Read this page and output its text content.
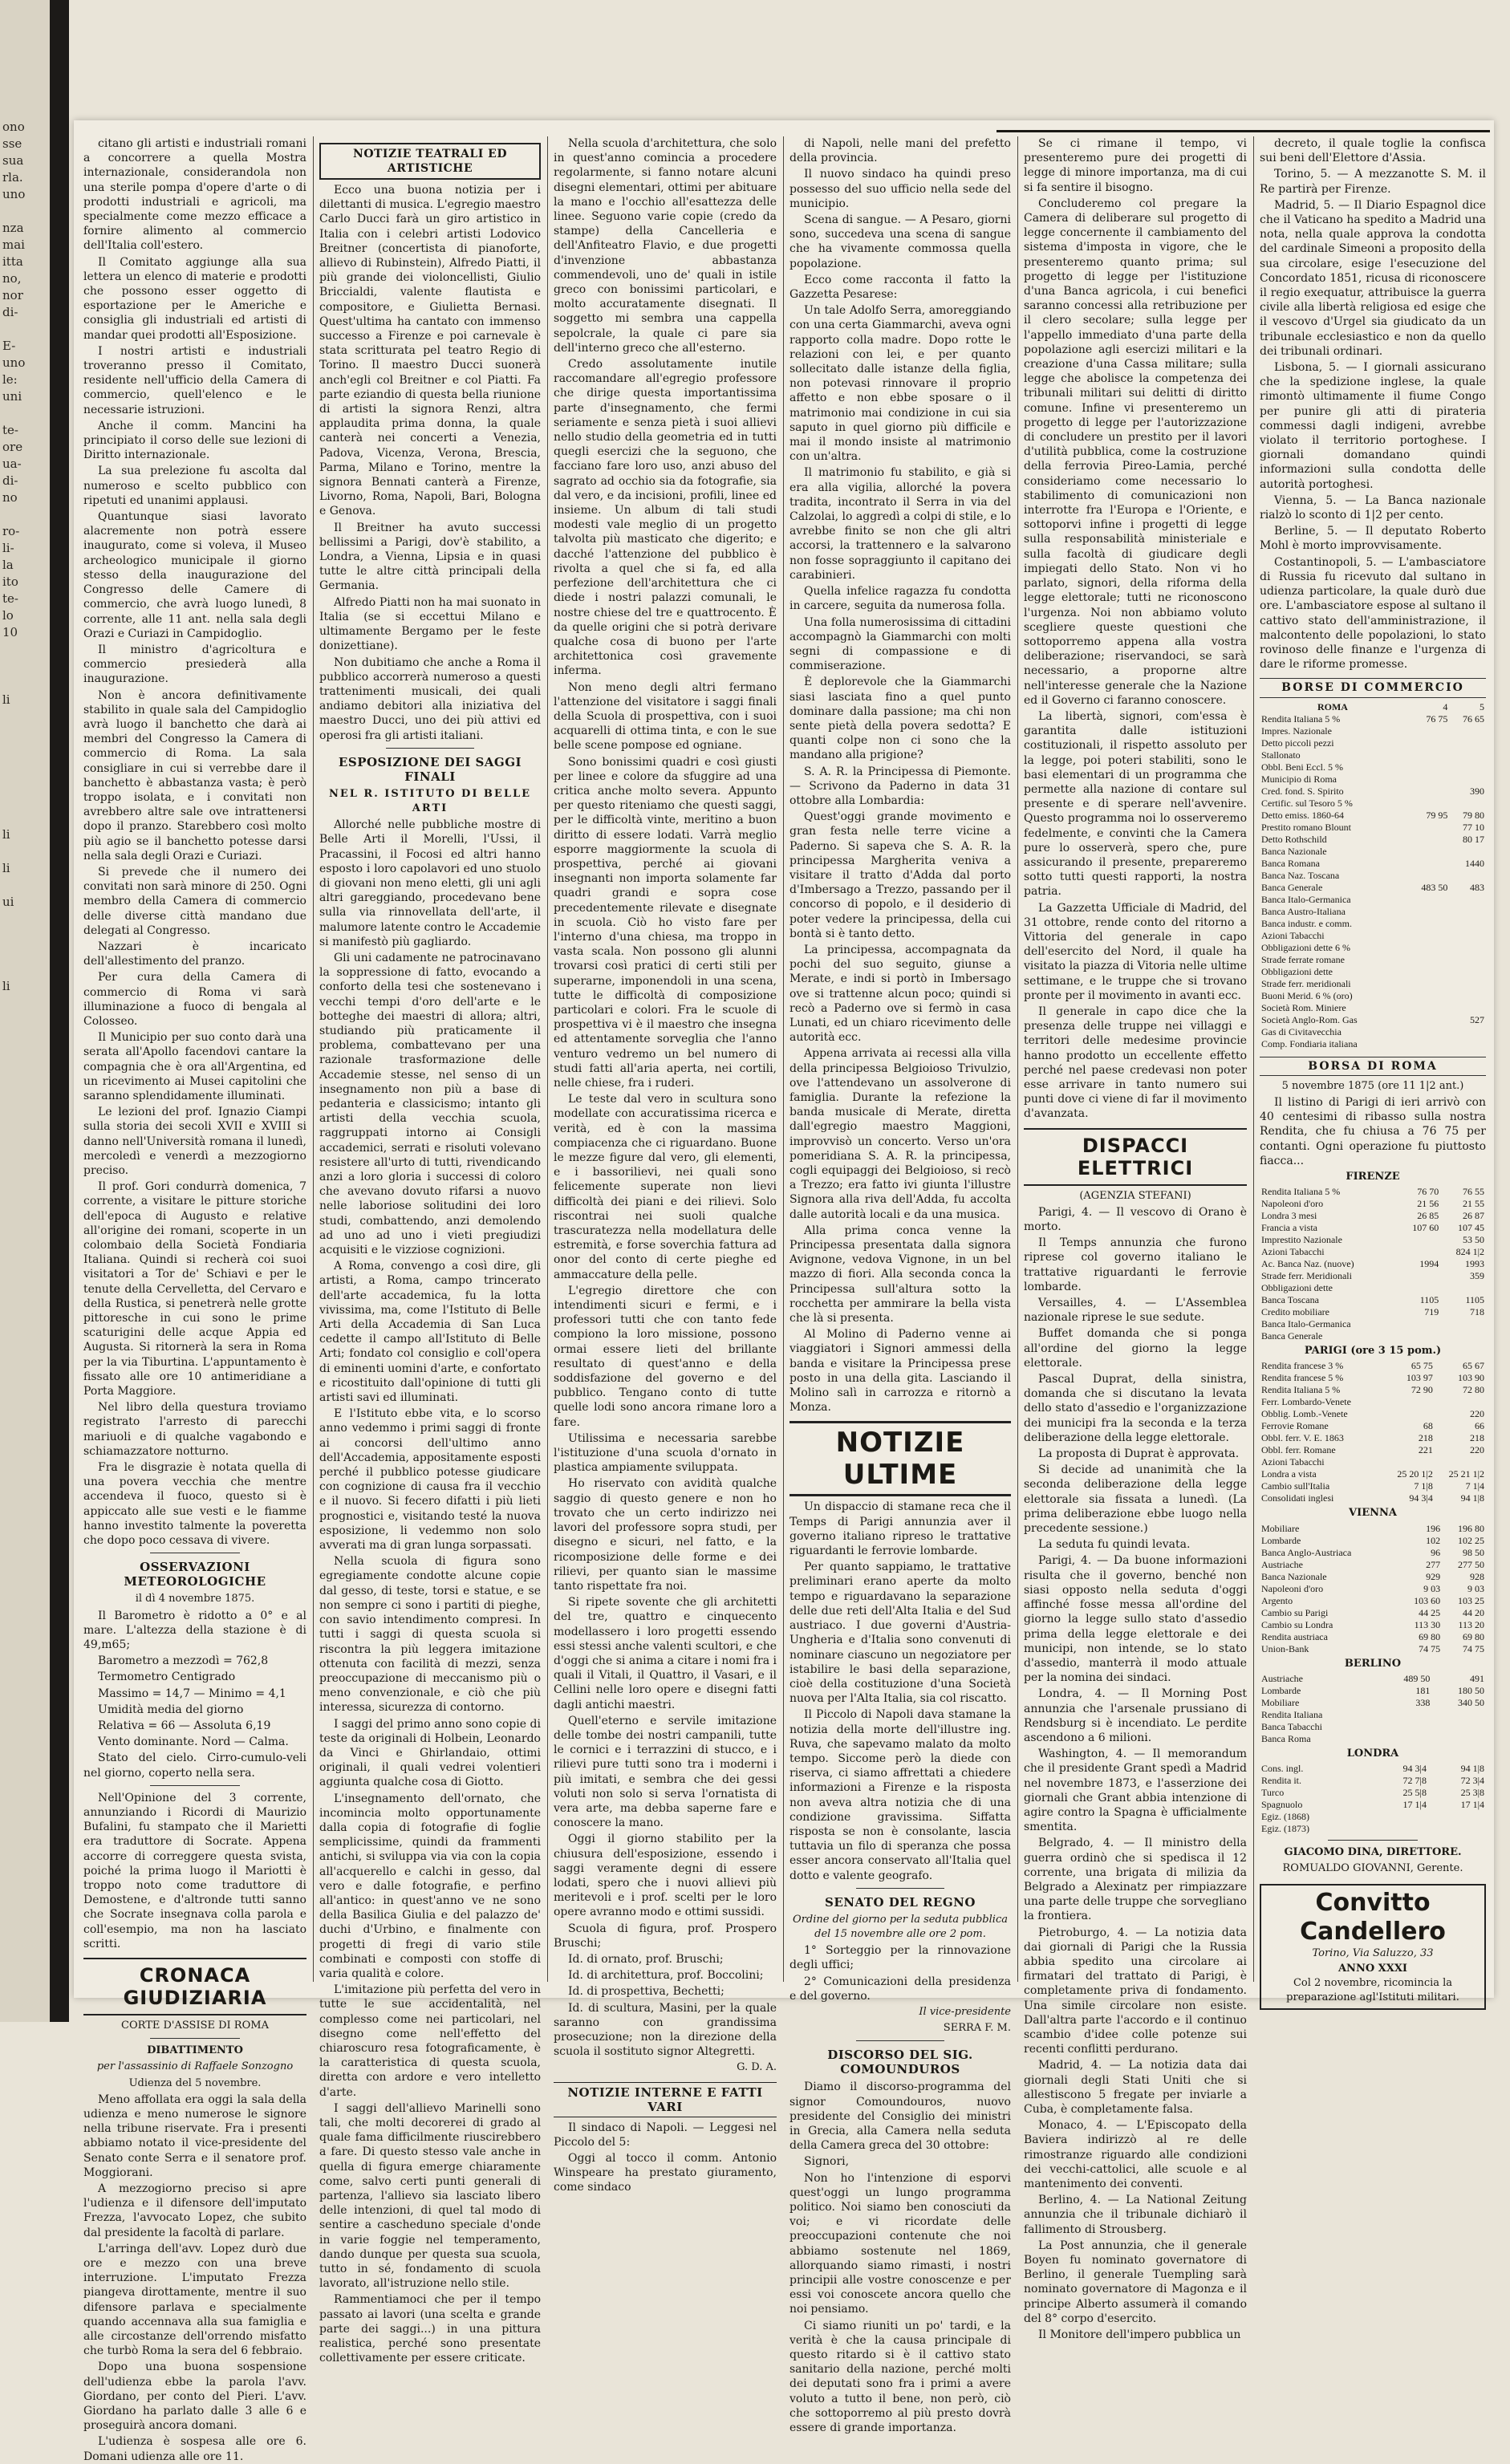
ono
sse
sua
rla.
uno
nza
mai
itta
no,
nor
di-
E-
uno
le:
uni
te-
ore
ua-
di-
no
ro-
li-
la
ito
te-
lo
10
li
li
li
ui
li

citano gli artisti e industriali romani a concorrere a quella Mostra internazionale, considerandola non una sterile pompa d'opere d'arte o di prodotti industriali e agricoli, ma specialmente come mezzo efficace a fornire alimento al commercio dell'Italia coll'estero.

Il Comitato aggiunge alla sua lettera un elenco di materie e prodotti che possono esser oggetto di esportazione per le Americhe e consiglia gli industriali ed artisti di mandar quei prodotti all'Esposizione.

I nostri artisti e industriali troveranno presso il Comitato, residente nell'ufficio della Camera di commercio, quell'elenco e le necessarie istruzioni.

Anche il comm. Mancini ha principiato il corso delle sue lezioni di Diritto internazionale.

La sua prelezione fu ascolta dal numeroso e scelto pubblico con ripetuti ed unanimi applausi.

Quantunque siasi lavorato alacremente non potrà essere inaugurato, come si voleva, il Museo archeologico municipale il giorno stesso della inaugurazione del Congresso delle Camere di commercio, che avrà luogo lunedì, 8 corrente, alle 11 ant. nella sala degli Orazi e Curiazi in Campidoglio.

Il ministro d'agricoltura e commercio presiederà alla inaugurazione.

Non è ancora definitivamente stabilito in quale sala del Campidoglio avrà luogo il banchetto che darà ai membri del Congresso la Camera di commercio di Roma. La sala consigliare in cui si verrebbe dare il banchetto è abbastanza vasta; è però troppo isolata, e i convitati non avrebbero altre sale ove intrattenersi dopo il pranzo. Starebbero così molto più agio se il banchetto potesse darsi nella sala degli Orazi e Curiazi.

Si prevede che il numero dei convitati non sarà minore di 250. Ogni membro della Camera di commercio delle diverse città mandano due delegati al Congresso.

Nazzari è incaricato dell'allestimento del pranzo.

Per cura della Camera di commercio di Roma vi sarà illuminazione a fuoco di bengala al Colosseo.

Il Municipio per suo conto darà una serata all'Apollo facendovi cantare la compagnia che è ora all'Argentina, ed un ricevimento ai Musei capitolini che saranno splendidamente illuminati.

Le lezioni del prof. Ignazio Ciampi sulla storia dei secoli XVII e XVIII si danno nell'Università romana il lunedì, mercoledì e venerdì a mezzogiorno preciso.

Il prof. Gori condurrà domenica, 7 corrente, a visitare le pitture storiche dell'epoca di Augusto e relative all'origine dei romani, scoperte in un colombaio della Società Fondiaria Italiana. Quindi si recherà coi suoi visitatori a Tor de' Schiavi e per le tenute della Cervelletta, del Cervaro e della Rustica, si penetrerà nelle grotte pittoresche in cui sono le prime scaturigini delle acque Appia ed Augusta. Si ritornerà la sera in Roma per la via Tiburtina. L'appuntamento è fissato alle ore 10 antimeridiane a Porta Maggiore.

Nel libro della questura troviamo registrato l'arresto di parecchi mariuoli e di qualche vagabondo e schiamazzatore notturno.

Fra le disgrazie è notata quella di una povera vecchia che mentre accendeva il fuoco, questo si è appiccato alle sue vesti e le fiamme hanno investito talmente la poveretta che dopo poco cessava di vivere.

OSSERVAZIONI METEOROLOGICHE
il dì 4 novembre 1875.

Il Barometro è ridotto a 0° e al mare. L'altezza della stazione è di 49,m65;

Barometro a mezzodì = 762,8

Termometro Centigrado

Massimo = 14,7 — Minimo = 4,1

Umidità media del giorno

Relativa = 66 — Assoluta 6,19

Vento dominante. Nord — Calma.

Stato del cielo. Cirro-cumulo-veli nel giorno, coperto nella sera.

Nell'Opinione del 3 corrente, annunziando i Ricordi di Maurizio Bufalini, fu stampato che il Marietti era traduttore di Socrate. Appena accorre di correggere questa svista, poiché la prima luogo il Mariotti è troppo noto come traduttore di Demostene, e d'altronde tutti sanno che Socrate insegnava colla parola e coll'esempio, ma non ha lasciato scritti.

CRONACA GIUDIZIARIA
CORTE D'ASSISE DI ROMA
DIBATTIMENTO
per l'assassinio di Raffaele Sonzogno
Udienza del 5 novembre.

Meno affollata era oggi la sala della udienza e meno numerose le signore nella tribune riservate. Fra i presenti abbiamo notato il vice-presidente del Senato conte Serra e il senatore prof. Moggiorani.

A mezzogiorno preciso si apre l'udienza e il difensore dell'imputato Frezza, l'avvocato Lopez, che subito dal presidente la facoltà di parlare.

L'arringa dell'avv. Lopez durò due ore e mezzo con una breve interruzione. L'imputato Frezza piangeva dirottamente, mentre il suo difensore parlava e specialmente quando accennava alla sua famiglia e alle circostanze dell'orrendo misfatto che turbò Roma la sera del 6 febbraio.

Dopo una buona sospensione dell'udienza ebbe la parola l'avv. Giordano, per conto del Pieri. L'avv. Giordano ha parlato dalle 3 alle 6 e proseguirà ancora domani.

L'udienza è sospesa alle ore 6. Domani udienza alle ore 11.

NOTIZIE TEATRALI ED ARTISTICHE

Ecco una buona notizia per i dilettanti di musica. L'egregio maestro Carlo Ducci farà un giro artistico in Italia con i celebri artisti Lodovico Breitner (concertista di pianoforte, allievo di Rubinstein), Alfredo Piatti, il più grande dei violoncellisti, Giulio Briccialdi, valente flautista e compositore, e Giulietta Bernasi. Quest'ultima ha cantato con immenso successo a Firenze e poi carnevale è stata scritturata pel teatro Regio di Torino. Il maestro Ducci suonerà anch'egli col Breitner e col Piatti. Fa parte eziandio di questa bella riunione di artisti la signora Renzi, altra applaudita prima donna, la quale canterà nei concerti a Venezia, Padova, Vicenza, Verona, Brescia, Parma, Milano e Torino, mentre la signora Bennati canterà a Firenze, Livorno, Roma, Napoli, Bari, Bologna e Genova.

Il Breitner ha avuto successi bellissimi a Parigi, dov'è stabilito, a Londra, a Vienna, Lipsia e in quasi tutte le altre città principali della Germania.

Alfredo Piatti non ha mai suonato in Italia (se si eccettui Milano e ultimamente Bergamo per le feste donizettiane).

Non dubitiamo che anche a Roma il pubblico accorrerà numeroso a questi trattenimenti musicali, dei quali andiamo debitori alla iniziativa del maestro Ducci, uno dei più attivi ed operosi fra gli artisti italiani.

ESPOSIZIONE DEI SAGGI FINALI
NEL R. ISTITUTO DI BELLE ARTI

Allorché nelle pubbliche mostre di Belle Arti il Morelli, l'Ussi, il Pracassini, il Focosi ed altri hanno esposto i loro capolavori ed uno stuolo di giovani non meno eletti, gli uni agli altri gareggiando, procedevano bene sulla via rinnovellata dell'arte, il malumore latente contro le Accademie si manifestò più gagliardo.

Gli uni cadamente ne patrocinavano la soppressione di fatto, evocando a conforto della tesi che sostenevano i vecchi tempi d'oro dell'arte e le botteghe dei maestri di allora; altri, studiando più praticamente il problema, combattevano per una razionale trasformazione delle Accademie stesse, nel senso di un insegnamento non più a base di pedanteria e classicismo; intanto gli artisti della vecchia scuola, raggruppati intorno ai Consigli accademici, serrati e risoluti volevano resistere all'urto di tutti, rivendicando anzi a loro gloria i successi di coloro che avevano dovuto rifarsi a nuovo nelle laboriose solitudini dei loro studi, combattendo, anzi demolendo ad uno ad uno i vieti pregiudizi acquisiti e le vizziose cognizioni.

A Roma, convengo a così dire, gli artisti, a Roma, campo trincerato dell'arte accademica, fu la lotta vivissima, ma, come l'Istituto di Belle Arti della Accademia di San Luca cedette il campo all'Istituto di Belle Arti; fondato col consiglio e coll'opera di eminenti uomini d'arte, e confortato e ricostituito dall'opinione di tutti gli artisti savi ed illuminati.

E l'Istituto ebbe vita, e lo scorso anno vedemmo i primi saggi di fronte ai concorsi dell'ultimo anno dell'Accademia, appositamente esposti perché il pubblico potesse giudicare con cognizione di causa fra il vecchio e il nuovo. Si fecero difatti i più lieti prognostici e, visitando testé la nuova esposizione, li vedemmo non solo avverati ma di gran lunga sorpassati.

Nella scuola di figura sono egregiamente condotte alcune copie dal gesso, di teste, torsi e statue, e se non sempre ci sono i partiti di pieghe, con savio intendimento compresi. In tutti i saggi di questa scuola si riscontra la più leggera imitazione ottenuta con facilità di mezzi, senza preoccupazione di meccanismo più o meno convenzionale, e ciò che più interessa, sicurezza di contorno.

I saggi del primo anno sono copie di teste da originali di Holbein, Leonardo da Vinci e Ghirlandaio, ottimi originali, il quali vedrei volentieri aggiunta qualche cosa di Giotto.

L'insegnamento dell'ornato, che incomincia molto opportunamente dalla copia di fotografie di foglie semplicissime, quindi da frammenti antichi, si sviluppa via via con la copia all'acquerello e calchi in gesso, dal vero e dalle fotografie, e perfino all'antico: in quest'anno ve ne sono della Basilica Giulia e del palazzo de' duchi d'Urbino, e finalmente con progetti di fregi di vario stile combinati e composti con stoffe di varia qualità e colore.

L'imitazione più perfetta del vero in tutte le sue accidentalità, nel complesso come nei particolari, nel disegno come nell'effetto del chiaroscuro resa fotograficamente, è la caratteristica di questa scuola, diretta con ardore e vero intelletto d'arte.

I saggi dell'allievo Marinelli sono tali, che molti decorerei di grado al quale fama difficilmente riuscirebbero a fare. Di questo stesso vale anche in quella di figura emerge chiaramente come, salvo certi punti generali di partenza, l'allievo sia lasciato libero delle intenzioni, di quel tal modo di sentire a cascheduno speciale d'onde in varie foggie nel temperamento, dando dunque per questa sua scuola, tutto in sé, fondamento di scuola lavorato, all'istruzione nello stile.

Rammentiamoci che per il tempo passato ai lavori (una scelta e grande parte dei saggi...) in una pittura realistica, perché sono presentate collettivamente per essere criticate.

Nella scuola d'architettura, che solo in quest'anno comincia a procedere regolarmente, si fanno notare alcuni disegni elementari, ottimi per abituare la mano e l'occhio all'esattezza delle linee. Seguono varie copie (credo da stampe) della Cancelleria e dell'Anfiteatro Flavio, e due progetti d'invenzione abbastanza commendevoli, uno de' quali in istile greco con bonissimi particolari, e molto accuratamente disegnati. Il soggetto mi sembra una cappella sepolcrale, la quale ci pare sia dell'interno greco che all'esterno.

Credo assolutamente inutile raccomandare all'egregio professore che dirige questa importantissima parte d'insegnamento, che fermi seriamente e senza pietà i suoi allievi nello studio della geometria ed in tutti quegli esercizi che la seguono, che facciano fare loro uso, anzi abuso del sagrato ad occhio sia da fotografie, sia dal vero, e da incisioni, profili, linee ed insieme. Un album di tali studi modesti vale meglio di un progetto talvolta più masticato che digerito; e dacché l'attenzione del pubblico è rivolta a quel che si fa, ed alla perfezione dell'architettura che ci diede i nostri palazzi comunali, le nostre chiese del tre e quattrocento. È da quelle origini che si potrà derivare qualche cosa di buono per l'arte architettonica così gravemente inferma.

Non meno degli altri fermano l'attenzione del visitatore i saggi finali della Scuola di prospettiva, con i suoi acquarelli di ottima tinta, e con le sue belle scene pompose ed ogniane.

Sono bonissimi quadri e così giusti per linee e colore da sfuggire ad una critica anche molto severa. Appunto per questo riteniamo che questi saggi, per le difficoltà vinte, meritino a buon diritto di essere lodati. Varrà meglio esporre maggiormente la scuola di prospettiva, perché ai giovani insegnanti non importa solamente far quadri grandi e sopra cose precedentemente rilevate e disegnate in scuola. Ciò ho visto fare per l'interno d'una chiesa, ma troppo in vasta scala. Non possono gli alunni trovarsi così pratici di certi stili per superarne, imponendoli in una scena, tutte le difficoltà di composizione particolari e colori. Fra le scuole di prospettiva vi è il maestro che insegna ed attentamente sorveglia che l'anno venturo vedremo un bel numero di studi fatti all'aria aperta, nei cortili, nelle chiese, fra i ruderi.

Le teste dal vero in scultura sono modellate con accuratissima ricerca e verità, ed è con la massima compiacenza che ci riguardano. Buone le mezze figure dal vero, gli elementi, e i bassorilievi, nei quali sono felicemente superate non lievi difficoltà dei piani e dei rilievi. Solo riscontrai nei suoli qualche trascuratezza nella modellatura delle estremità, e forse soverchia fattura ad onor del conto di certe pieghe ed ammaccature della pelle.

L'egregio direttore che con intendimenti sicuri e fermi, e i professori tutti che con tanto fede compiono la loro missione, possono ormai essere lieti del brillante resultato di quest'anno e della soddisfazione del governo e del pubblico. Tengano conto di tutte quelle lodi sono ancora rimane loro a fare.

Utilissima e necessaria sarebbe l'istituzione d'una scuola d'ornato in plastica ampiamente sviluppata.

Ho riservato con avidità qualche saggio di questo genere e non ho trovato che un certo indirizzo nei lavori del professore sopra studi, per disegno e sicuri, nel fatto, e la ricomposizione delle forme e dei rilievi, per quanto sian le massime tanto rispettate fra noi.

Si ripete sovente che gli architetti del tre, quattro e cinquecento modellassero i loro progetti essendo essi stessi anche valenti scultori, e che d'oggi che si anima a citare i nomi fra i quali il Vitali, il Quattro, il Vasari, e il Cellini nelle loro opere e disegni fatti dagli antichi maestri.

Quell'eterno e servile imitazione delle tombe dei nostri campanili, tutte le cornici e i terrazzini di stucco, e i rilievi pure tutti sono tra i moderni i più imitati, e sembra che dei gessi voluti non solo si serva l'ornatista di vera arte, ma debba saperne fare e conoscere la mano.

Oggi il giorno stabilito per la chiusura dell'esposizione, essendo i saggi veramente degni di essere lodati, spero che i nuovi allievi più meritevoli e i prof. scelti per le loro opere avranno modo e ottimi sussidi.

Scuola di figura, prof. Prospero Bruschi;

Id. di ornato, prof. Bruschi;

Id. di architettura, prof. Boccolini;

Id. di prospettiva, Bechetti;

Id. di scultura, Masini, per la quale saranno con grandissima prosecuzione; non la direzione della scuola il sostituto signor Altegretti.

G. D. A.
NOTIZIE INTERNE E FATTI VARI

Il sindaco di Napoli. — Leggesi nel Piccolo del 5:

Oggi al tocco il comm. Antonio Winspeare ha prestato giuramento, come sindaco

di Napoli, nelle mani del prefetto della provincia.

Il nuovo sindaco ha quindi preso possesso del suo ufficio nella sede del municipio.

Scena di sangue. — A Pesaro, giorni sono, succedeva una scena di sangue che ha vivamente commossa quella popolazione.

Ecco come racconta il fatto la Gazzetta Pesarese:

Un tale Adolfo Serra, amoreggiando con una certa Giammarchi, aveva ogni rapporto colla madre. Dopo rotte le relazioni con lei, e per quanto sollecitato dalle istanze della figlia, non potevasi rinnovare il proprio affetto e non ebbe sposare o il matrimonio mai condizione in cui sia saputo in quel giorno più difficile e mai il mondo insiste al matrimonio con un'altra.

Il matrimonio fu stabilito, e già si era alla vigilia, allorché la povera tradita, incontrato il Serra in via del Calzolai, lo aggredì a colpi di stile, e lo avrebbe finito se non che gli altri accorsi, la trattennero e la salvarono non fosse sopraggiunto il capitano dei carabinieri.

Quella infelice ragazza fu condotta in carcere, seguita da numerosa folla.

Una folla numerosissima di cittadini accompagnò la Giammarchi con molti segni di compassione e di commiserazione.

È deplorevole che la Giammarchi siasi lasciata fino a quel punto dominare dalla passione; ma chi non sente pietà della povera sedotta? E quanti colpe non ci sono che la mandano alla prigione?

S. A. R. la Principessa di Piemonte. — Scrivono da Paderno in data 31 ottobre alla Lombardia:

Quest'oggi grande movimento e gran festa nelle terre vicine a Paderno. Si sapeva che S. A. R. la principessa Margherita veniva a visitare il tratto d'Adda dal porto d'Imbersago a Trezzo, passando per il concorso di popolo, e il desiderio di poter vedere la principessa, della cui bontà si è tanto detto.

La principessa, accompagnata da pochi del suo seguito, giunse a Merate, e indi si portò in Imbersago ove si trattenne alcun poco; quindi si recò a Paderno ove si fermò in casa Lunati, ed un chiaro ricevimento delle autorità ecc.

Appena arrivata ai recessi alla villa della principessa Belgioioso Trivulzio, ove l'attendevano un assolverone di famiglia. Durante la refezione la banda musicale di Merate, diretta dall'egregio maestro Maggioni, improvvisò un concerto. Verso un'ora pomeridiana S. A. R. la principessa, cogli equipaggi dei Belgioioso, si recò a Trezzo; era fatto ivi giunta l'illustre Signora alla riva dell'Adda, fu accolta dalle autorità locali e da una musica.

Alla prima conca venne la Principessa presentata dalla signora Avignone, vedova Vignone, in un bel mazzo di fiori. Alla seconda conca la Principessa sull'altura sotto la rocchetta per ammirare la bella vista che là si presenta.

Al Molino di Paderno venne ai viaggiatori i Signori ammessi della banda e visitare la Principessa prese posto in una della gita. Lasciando il Molino salì in carrozza e ritornò a Monza.

NOTIZIE ULTIME

Un dispaccio di stamane reca che il Temps di Parigi annunzia aver il governo italiano ripreso le trattative riguardanti le ferrovie lombarde.

Per quanto sappiamo, le trattative preliminari erano aperte da molto tempo e riguardavano la separazione delle due reti dell'Alta Italia e del Sud austriaco. I due governi d'Austria-Ungheria e d'Italia sono convenuti di nominare ciascuno un negoziatore per istabilire le basi della separazione, cioè della costituzione d'una Società nuova per l'Alta Italia, sia col riscatto.

Il Piccolo di Napoli dava stamane la notizia della morte dell'illustre ing. Ruva, che sapevamo malato da molto tempo. Siccome però la diede con riserva, ci siamo affrettati a chiedere informazioni a Firenze e la risposta non aveva altra notizia che di una condizione gravissima. Siffatta risposta se non è consolante, lascia tuttavia un filo di speranza che possa esser ancora conservato all'Italia quel dotto e valente geografo.

SENATO DEL REGNO
Ordine del giorno per la seduta pubblica del 15 novembre alle ore 2 pom.

1° Sorteggio per la rinnovazione degli uffici;

2° Comunicazioni della presidenza e del governo.

Il vice-presidente
SERRA F. M.
DISCORSO DEL SIG. COMOUNDUROS

Diamo il discorso-programma del signor Comoundouros, nuovo presidente del Consiglio dei ministri in Grecia, alla Camera nella seduta della Camera greca del 30 ottobre:

Signori,

Non ho l'intenzione di esporvi quest'oggi un lungo programma politico. Noi siamo ben conosciuti da voi; e vi ricordate delle preoccupazioni contenute che noi abbiamo sostenute nel 1869, allorquando siamo rimasti, i nostri principii alle vostre conoscenze e per essi voi conoscete ancora quello che noi pensiamo.

Ci siamo riuniti un po' tardi, e la verità è che la causa principale di questo ritardo si è il cattivo stato sanitario della nazione, perché molti dei deputati sono fra i primi a avere voluto a tutto il bene, non però, ciò che sottoporremo al più presto dovrà essere di grande importanza.

Se ci rimane il tempo, vi presenteremo pure dei progetti di legge di minore importanza, ma di cui si fa sentire il bisogno.

Concluderemo col pregare la Camera di deliberare sul progetto di legge concernente il cambiamento del sistema d'imposta in vigore, che le presenteremo quanto prima; sul progetto di legge per l'istituzione d'una Banca agricola, i cui benefici saranno concessi alla retribuzione per il clero secolare; sulla legge per l'appello immediato d'una parte della popolazione agli esercizi militari e la creazione d'una Cassa militare; sulla legge che abolisce la competenza dei tribunali militari sui delitti di diritto comune. Infine vi presenteremo un progetto di legge per l'autorizzazione di concludere un prestito per il lavori d'utilità pubblica, come la costruzione della ferrovia Pireo-Lamia, perché consideriamo come necessario lo stabilimento di comunicazioni non interrotte fra l'Europa e l'Oriente, e sottoporvi infine i progetti di legge sulla responsabilità ministeriale e sulla facoltà di giudicare degli impiegati dello Stato. Non vi ho parlato, signori, della riforma della legge elettorale; tutti ne riconoscono l'urgenza. Noi non abbiamo voluto scegliere queste questioni che sottoporremo appena alla vostra deliberazione; riservandoci, se sarà necessario, a proporne altre nell'interesse generale che la Nazione ed il Governo ci faranno conoscere.

La libertà, signori, com'essa è garantita dalle istituzioni costituzionali, il rispetto assoluto per la legge, poi poteri stabiliti, sono le basi elementari di un programma che permette alla nazione di contare sul presente e di sperare nell'avvenire. Questo programma noi lo osserveremo fedelmente, e convinti che la Camera pure lo osserverà, spero che, pure assicurando il presente, prepareremo sotto tutti questi rapporti, la nostra patria.

La Gazzetta Ufficiale di Madrid, del 31 ottobre, rende conto del ritorno a Vittoria del generale in capo dell'esercito del Nord, il quale ha visitato la piazza di Vitoria nelle ultime settimane, e le truppe che si trovano pronte per il movimento in avanti ecc.

Il generale in capo dice che la presenza delle truppe nei villaggi e territori delle medesime provincie hanno prodotto un eccellente effetto perché nel paese credevasi non poter esse arrivare in tanto numero sui punti dove ci viene di far il movimento d'avanzata.

DISPACCI ELETTRICI
(AGENZIA STEFANI)

Parigi, 4. — Il vescovo di Orano è morto.

Il Temps annunzia che furono riprese col governo italiano le trattative riguardanti le ferrovie lombarde.

Versailles, 4. — L'Assemblea nazionale riprese le sue sedute.

Buffet domanda che si ponga all'ordine del giorno la legge elettorale.

Pascal Duprat, della sinistra, domanda che si discutano la levata dello stato d'assedio e l'organizzazione dei municipi fra la seconda e la terza deliberazione della legge elettorale.

La proposta di Duprat è approvata.

Si decide ad unanimità che la seconda deliberazione della legge elettorale sia fissata a lunedì. (La prima deliberazione ebbe luogo nella precedente sessione.)

La seduta fu quindi levata.

Parigi, 4. — Da buone informazioni risulta che il governo, benché non siasi opposto nella seduta d'oggi affinché fosse messa all'ordine del giorno la legge sullo stato d'assedio prima della legge elettorale e dei municipi, non intende, se lo stato d'assedio, manterrà il modo attuale per la nomina dei sindaci.

Londra, 4. — Il Morning Post annunzia che l'arsenale prussiano di Rendsburg si è incendiato. Le perdite ascendono a 6 milioni.

Washington, 4. — Il memorandum che il presidente Grant spedì a Madrid nel novembre 1873, e l'asserzione dei giornali che Grant abbia intenzione di agire contro la Spagna è ufficialmente smentita.

Belgrado, 4. — Il ministro della guerra ordinò che si spedisca il 12 corrente, una brigata di milizia da Belgrado a Alexinatz per rimpiazzare una parte delle truppe che sorvegliano la frontiera.

Pietroburgo, 4. — La notizia data dai giornali di Parigi che la Russia abbia spedito una circolare ai firmatari del trattato di Parigi, è completamente priva di fondamento. Una simile circolare non esiste. Dall'altra parte l'accordo e il continuo scambio d'idee colle potenze sui recenti conflitti perdurano.

Madrid, 4. — La notizia data dai giornali degli Stati Uniti che si allestiscono 5 fregate per inviarle a Cuba, è completamente falsa.

Monaco, 4. — L'Episcopato della Baviera indirizzò al re delle rimostranze riguardo alle condizioni dei vecchi-cattolici, alle scuole e al mantenimento dei conventi.

Berlino, 4. — La National Zeitung annunzia che il tribunale dichiarò il fallimento di Strousberg.

La Post annunzia, che il generale Boyen fu nominato governatore di Berlino, il generale Tuempling sarà nominato governatore di Magonza e il principe Alberto assumerà il comando del 8° corpo d'esercito.

Il Monitore dell'impero pubblica un

decreto, il quale toglie la confisca sui beni dell'Elettore d'Assia.

Torino, 5. — A mezzanotte S. M. il Re partirà per Firenze.

Madrid, 5. — Il Diario Espagnol dice che il Vaticano ha spedito a Madrid una nota, nella quale approva la condotta del cardinale Simeoni a proposito della sua circolare, esige l'esecuzione del Concordato 1851, ricusa di riconoscere il regio exequatur, attribuisce la guerra civile alla libertà religiosa ed esige che il vescovo d'Urgel sia giudicato da un tribunale ecclesiastico e non da quello dei tribunali ordinari.

Lisbona, 5. — I giornali assicurano che la spedizione inglese, la quale rimontò ultimamente il fiume Congo per punire gli atti di pirateria commessi dagli indigeni, avrebbe violato il territorio portoghese. I giornali domandano quindi informazioni sulla condotta delle autorità portoghesi.

Vienna, 5. — La Banca nazionale rialzò lo sconto di 1|2 per cento.

Berline, 5. — Il deputato Roberto Mohl è morto improvvisamente.

Costantinopoli, 5. — L'ambasciatore di Russia fu ricevuto dal sultano in udienza particolare, la quale durò due ore. L'ambasciatore espose al sultano il cattivo stato dell'amministrazione, il malcontento delle popolazioni, lo stato rovinoso delle finanze e l'urgenza di dare le riforme promesse.

BORSE DI COMMERCIO
ROMA	4	5
Rendita Italiana 5 %	76 75	76 65
Impres. Nazionale		
Detto piccoli pezzi		
Stallonato		
Obbl. Beni Eccl. 5 %		
Municipio di Roma		
Cred. fond. S. Spirito		390
Certific. sul Tesoro 5 %		
Detto emiss. 1860-64	79 95	79 80
Prestito romano Blount		77 10
Detto Rothschild		80 17
Banca Nazionale		
Banca Romana		1440
Banca Naz. Toscana		
Banca Generale	483 50	483
Banca Italo-Germanica		
Banca Austro-Italiana		
Banca industr. e comm.		
Azioni Tabacchi		
Obbligazioni dette 6 %		
Strade ferrate romane		
Obbligazioni dette		
Strade ferr. meridionali		
Buoni Merid. 6 % (oro)		
Società Rom. Miniere		
Società Anglo-Rom. Gas		527
Gas di Civitavecchia		
Comp. Fondiaria italiana		
BORSA DI ROMA
5 novembre 1875 (ore 11 1|2 ant.)

Il listino di Parigi di ieri arrivò con 40 centesimi di ribasso sulla nostra Rendita, che fu chiusa a 76 75 per contanti. Ogni operazione fu piuttosto fiacca...

FIRENZE
Rendita Italiana 5 %	76 70	76 55
Napoleoni d'oro	21 56	21 55
Londra 3 mesi	26 85	26 87
Francia a vista	107 60	107 45
Imprestito Nazionale		53 50
Azioni Tabacchi		824 1|2
Ac. Banca Naz. (nuove)	1994	1993
Strade ferr. Meridionali		359
Obbligazioni dette		
Banca Toscana	1105	1105
Credito mobiliare	719	718
Banca Italo-Germanica		
Banca Generale		
PARIGI (ore 3 15 pom.)
Rendita francese 3 %	65 75	65 67
Rendita francese 5 %	103 97	103 90
Rendita Italiana 5 %	72 90	72 80
Ferr. Lombardo-Venete		
Obblig. Lomb.-Venete		220
Ferrovie Romane	68	66
Obbl. ferr. V. E. 1863	218	218
Obbl. ferr. Romane	221	220
Azioni Tabacchi		
Londra a vista	25 20 1|2	25 21 1|2
Cambio sull'Italia	7 1|8	7 1|4
Consolidati inglesi	94 3|4	94 1|8
VIENNA
Mobiliare	196	196 80
Lombarde	102	102 25
Banca Anglo-Austriaca	96	98 50
Austriache	277	277 50
Banca Nazionale	929	928
Napoleoni d'oro	9 03	9 03
Argento	103 60	103 25
Cambio su Parigi	44 25	44 20
Cambio su Londra	113 30	113 20
Rendita austriaca	69 80	69 80
Union-Bank	74 75	74 75
BERLINO
Austriache	489 50	491
Lombarde	181	180 50
Mobiliare	338	340 50
Rendita Italiana		
Banca Tabacchi		
Banca Roma		
LONDRA
Cons. ingl.	94 3|4	94 1|8
Rendita it.	72 7|8	72 3|4
Turco	25 5|8	25 3|8
Spagnuolo	17 1|4	17 1|4
Egiz. (1868)		
Egiz. (1873)		
GIACOMO DINA, DIRETTORE.
ROMUALDO GIOVANNI, Gerente.
Convitto Candellero
Torino, Via Saluzzo, 33
ANNO XXXI
Col 2 novembre, ricomincia la preparazione agl'Istituti militari.
